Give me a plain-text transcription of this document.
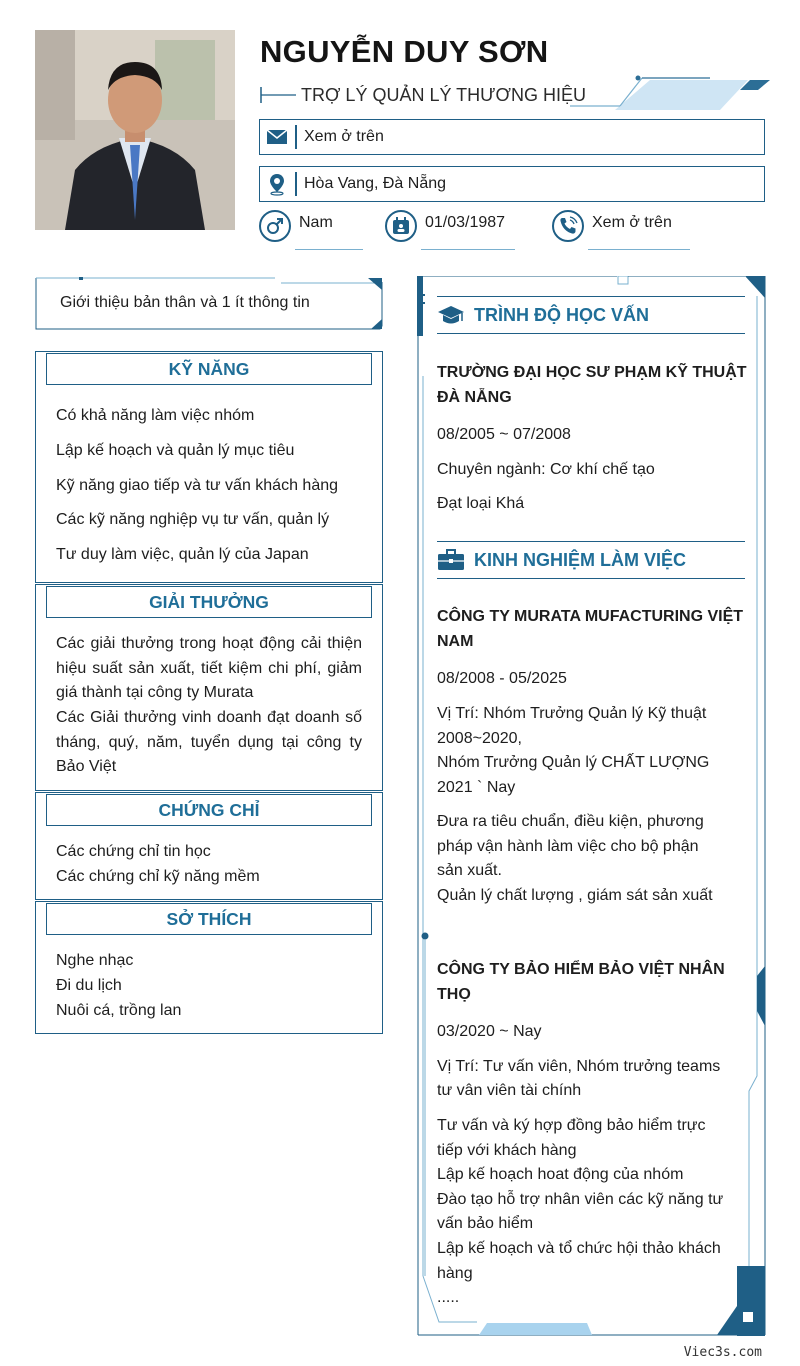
NGUYỄN DUY SƠN
TRỢ LÝ QUẢN LÝ THƯƠNG HIỆU
Xem ở trên
Hòa Vang, Đà Nẵng
Nam	01/03/1987	Xem ở trên
Giới thiệu bản thân và 1 ít thông tin
KỸ NĂNG
Có khả năng làm việc nhóm
Lập kế hoạch và quản lý mục tiêu
Kỹ năng giao tiếp và tư vấn khách hàng
Các kỹ năng nghiệp vụ tư vấn, quản lý
Tư duy làm việc, quản lý của Japan
GIẢI THƯỞNG
Các giải thưởng trong hoạt động cải thiện hiệu suất sản xuất, tiết kiệm chi phí, giảm giá thành tại công ty Murata
Các Giải thưởng vinh doanh đạt doanh số tháng, quý, năm, tuyển dụng tại công ty Bảo Việt
CHỨNG CHỈ
Các chứng chỉ tin học
Các chứng chỉ kỹ năng mềm
SỞ THÍCH
Nghe nhạc
Đi du lịch
Nuôi cá, trồng lan
TRÌNH ĐỘ HỌC VẤN
TRƯỜNG ĐẠI HỌC SƯ PHẠM KỸ THUẬT
ĐÀ NẴNG
08/2005 ~ 07/2008
Chuyên ngành: Cơ khí chế tạo
Đạt loại Khá
KINH NGHIỆM LÀM VIỆC
CÔNG TY MURATA MUFACTURING VIỆT
NAM
08/2008 - 05/2025
Vị Trí: Nhóm Trưởng Quản lý Kỹ thuật
2008~2020,
Nhóm Trưởng Quản lý CHẤT LƯỢNG
2021 ` Nay
Đưa ra tiêu chuẩn, điều kiện, phương
pháp vận hành làm việc cho bộ phận
sản xuất.
Quản lý chất lượng , giám sát sản xuất
CÔNG TY BẢO HIỂM BẢO VIỆT NHÂN
THỌ
03/2020 ~ Nay
Vị Trí: Tư vấn viên, Nhóm trưởng teams
tư vân viên tài chính
Tư vấn và ký hợp đồng bảo hiểm trực
tiếp với khách hàng
Lập kế hoạch hoat động của nhóm
Đào tạo hỗ trợ nhân viên các kỹ năng tư
vấn bảo hiểm
Lập kế hoạch và tổ chức hội thảo khách
hàng
.....
Viec3s.com
